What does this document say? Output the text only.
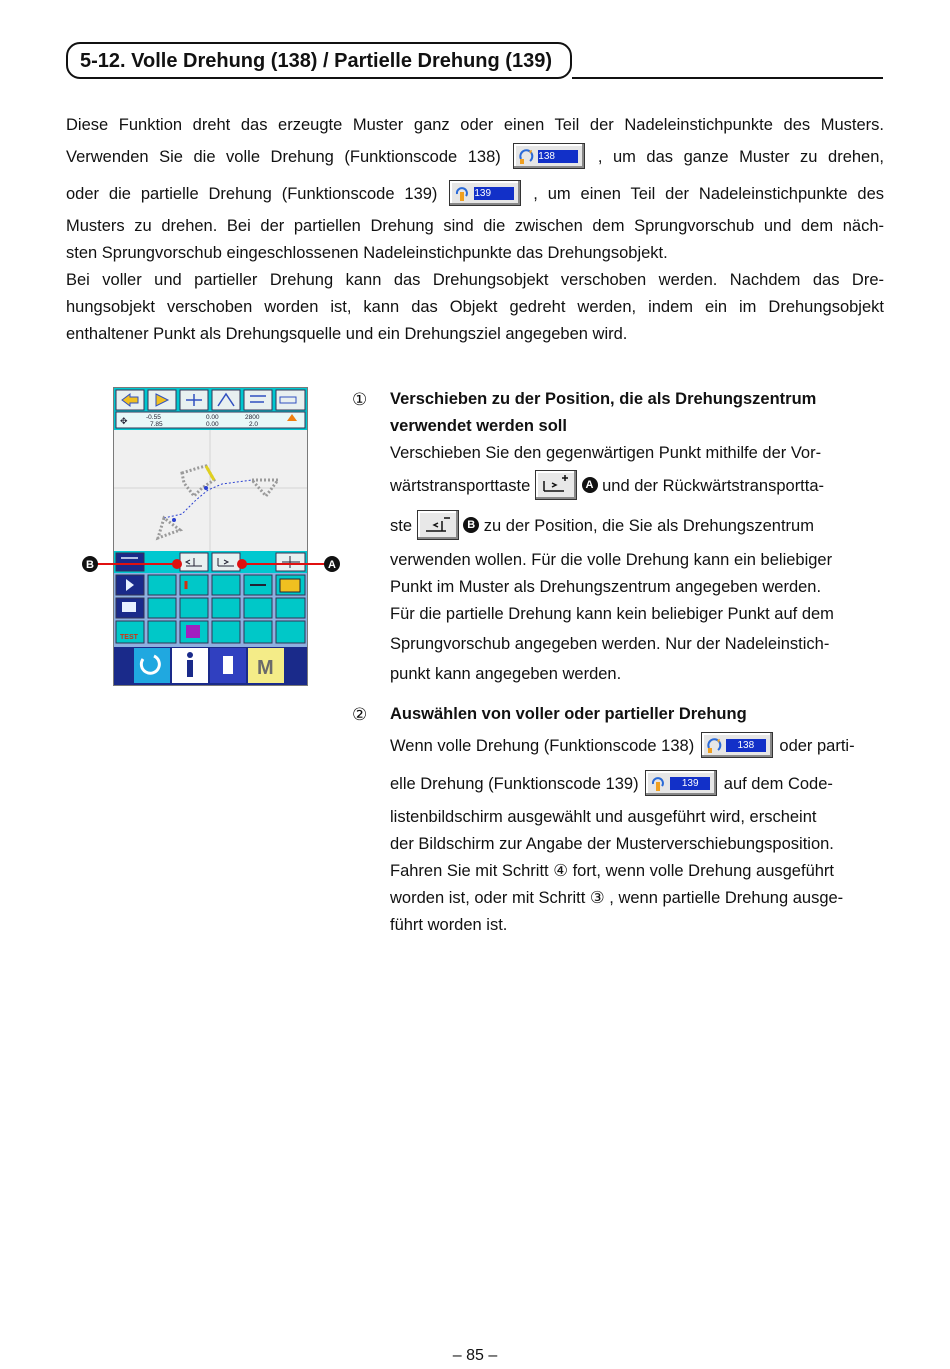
5-12. Volle Drehung (138) / Partielle Drehung (139)
Diese Funktion dreht das erzeugte Muster ganz oder einen Teil der Nadeleinstichpunkte des Musters.
Verwenden Sie die volle Drehung (Funktionscode 138)	138	, um das ganze Muster zu drehen,
oder die partielle Drehung (Funktionscode 139)	139	, um einen Teil der Nadeleinstichpunkte des
Musters zu drehen. Bei der partiellen Drehung sind die zwischen dem Sprungvorschub und dem näch-
sten Sprungvorschub eingeschlossenen Nadeleinstichpunkte das Drehungsobjekt.
Bei voller und partieller Drehung kann das Drehungsobjekt verschoben werden. Nachdem das Dre-
hungsobjekt verschoben worden ist, kann das Objekt gedreht werden, indem ein im Drehungsobjekt
enthaltener Punkt als Drehungsquelle und ein Drehungsziel angegeben wird.
✥	-0.55
7.85
0.00
0.00
2800
2.0
TEST
M
B	A
① Verschieben zu der Position, die als Drehungszentrum
verwendet werden soll
Verschieben Sie den gegenwärtigen Punkt mithilfe der Vor-
wärtstransporttaste	A und der Rückwärtstransportta-
ste	B zu der Position, die Sie als Drehungszentrum
verwenden wollen. Für die volle Drehung kann ein beliebiger
Punkt im Muster als Drehungszentrum angegeben werden.
Für die partielle Drehung kann kein beliebiger Punkt auf dem
Sprungvorschub angegeben werden. Nur der Nadeleinstich-
punkt kann angegeben werden.
② Auswählen von voller oder partieller Drehung
Wenn volle Drehung (Funktionscode 138)	138	oder parti-
elle Drehung (Funktionscode 139)	139	auf dem Code-
listenbildschirm ausgewählt und ausgeführt wird, erscheint
der Bildschirm zur Angabe der Musterverschiebungsposition.
Fahren Sie mit Schritt ④ fort, wenn volle Drehung ausgeführt
worden ist, oder mit Schritt ③ , wenn partielle Drehung ausge-
führt worden ist.
– 85 –
